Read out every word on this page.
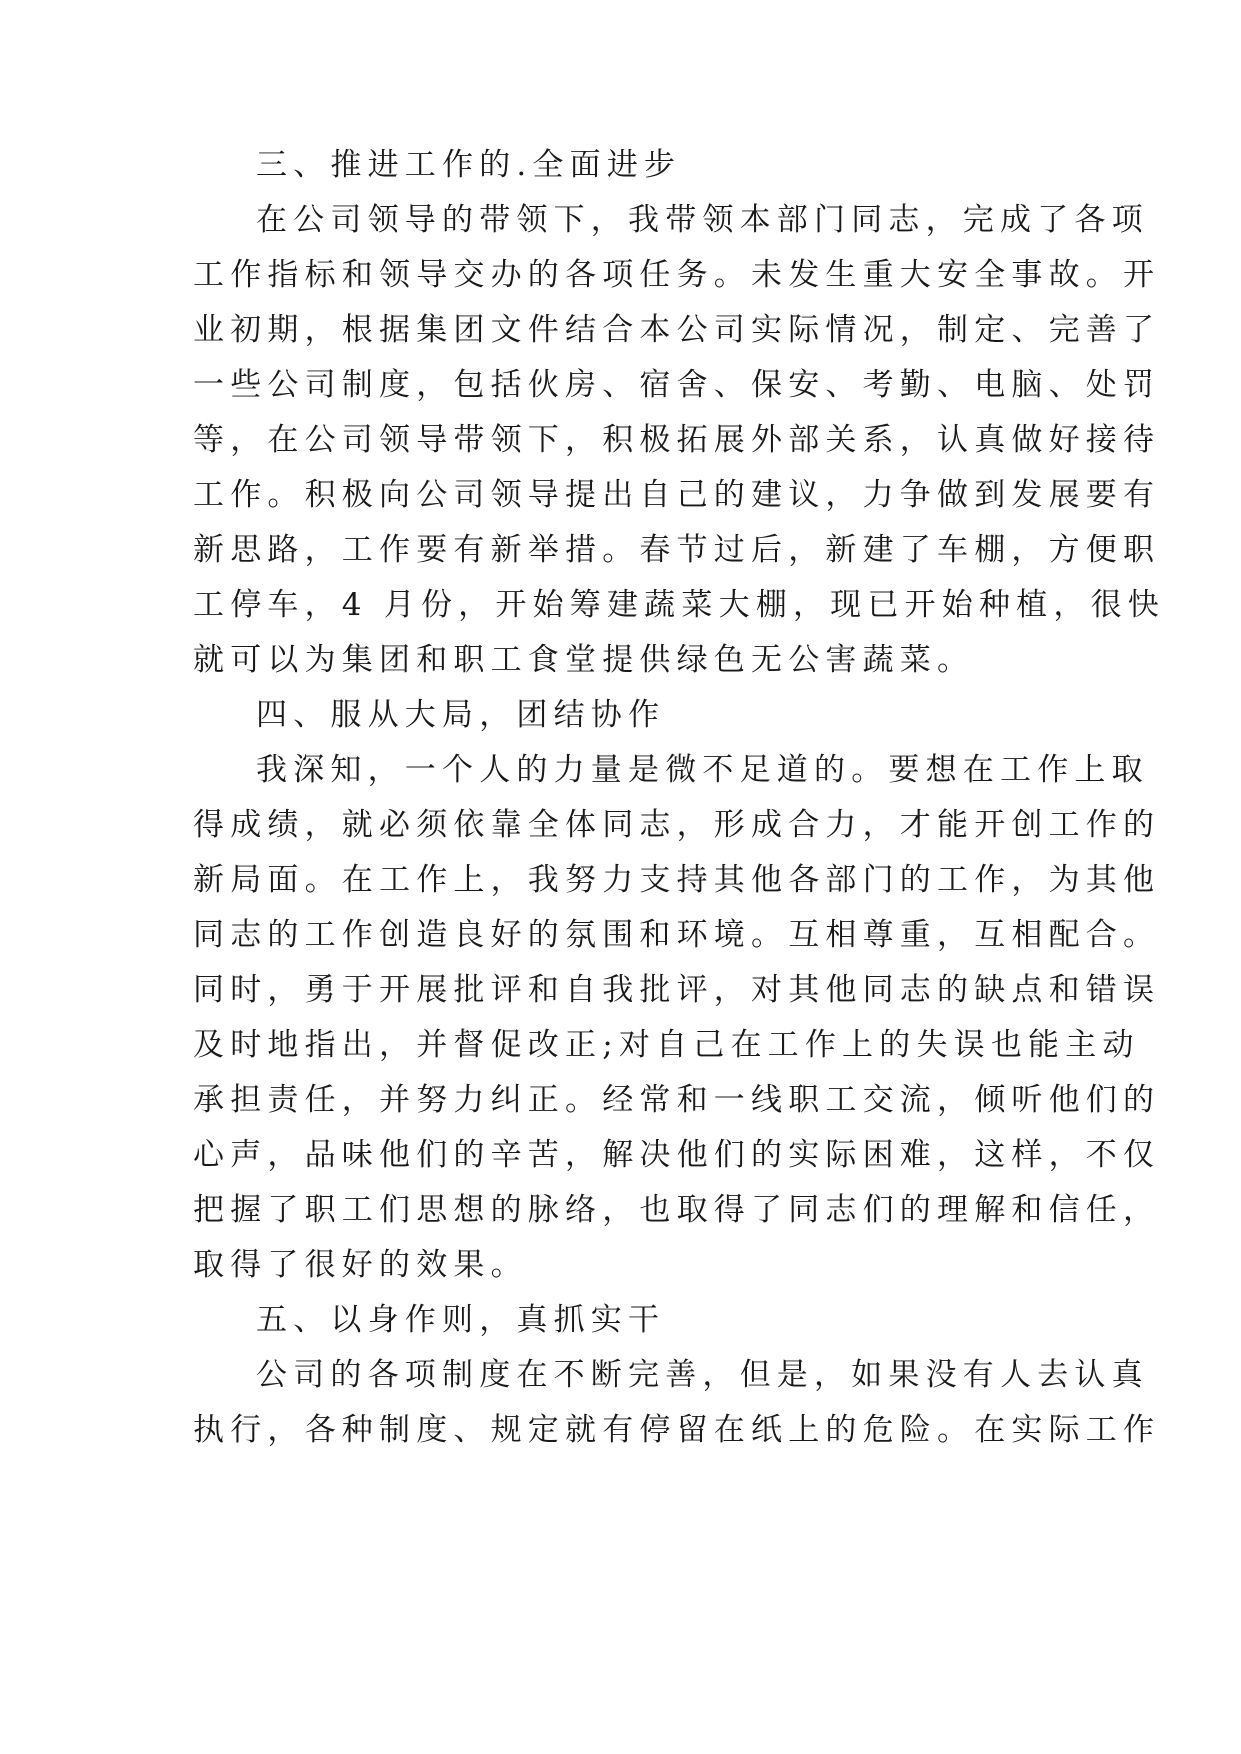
三、推进工作的.全面进步
在公司领导的带领下，我带领本部门同志，完成了各项
工作指标和领导交办的各项任务。未发生重大安全事故。开
业初期，根据集团文件结合本公司实际情况，制定、完善了
一些公司制度，包括伙房、宿舍、保安、考勤、电脑、处罚
等，在公司领导带领下，积极拓展外部关系，认真做好接待
工作。积极向公司领导提出自己的建议，力争做到发展要有
新思路，工作要有新举措。春节过后，新建了车棚，方便职
工停车，4 月份，开始筹建蔬菜大棚，现已开始种植，很快
就可以为集团和职工食堂提供绿色无公害蔬菜。
四、服从大局，团结协作
我深知，一个人的力量是微不足道的。要想在工作上取
得成绩，就必须依靠全体同志，形成合力，才能开创工作的
新局面。在工作上，我努力支持其他各部门的工作，为其他
同志的工作创造良好的氛围和环境。互相尊重，互相配合。
同时，勇于开展批评和自我批评，对其他同志的缺点和错误
及时地指出，并督促改正;对自己在工作上的失误也能主动
承担责任，并努力纠正。经常和一线职工交流，倾听他们的
心声，品味他们的辛苦，解决他们的实际困难，这样，不仅
把握了职工们思想的脉络，也取得了同志们的理解和信任，
取得了很好的效果。
五、以身作则，真抓实干
公司的各项制度在不断完善，但是，如果没有人去认真
执行，各种制度、规定就有停留在纸上的危险。在实际工作
